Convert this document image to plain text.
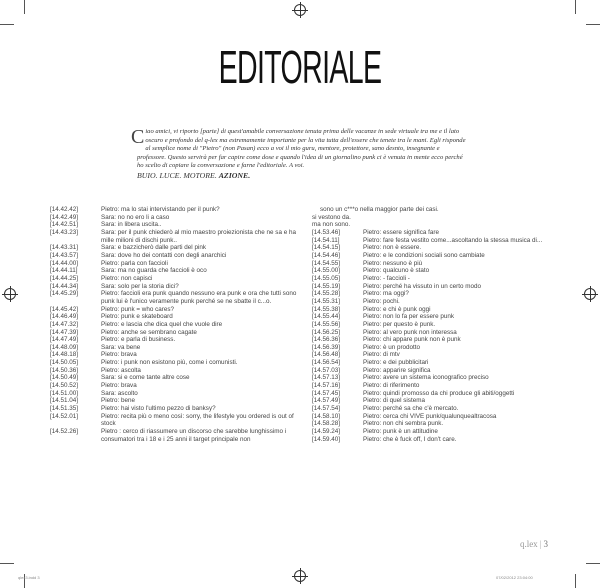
EDITORIALE
C iao amici, vi riporto [parte] di quest'amabile conversazione tenuta prima delle vacanze in sede virtuale tra me e il lato oscuro e profondo del q-lex ma estremamente importante per la vita tutta dell'essere che tenete tra le mani. Egli risponde al semplice nome di "Pietro" (non Pasan) ecco a voi il mio guru, mentore, protettore, sano desnto, insegnante e professore. Questo servirà per far capire come dose e quando l'idea di un giornalino punk ci è venuta in mente ecco perché ho scelto di copiare la conversazione e farne l'editoriale. A voi.
BUIO. LUCE. MOTORE. AZIONE.
[14.42.42]	Pietro: ma lo stai intervistando per il punk?
[14.42.49]	Sara: no no ero li a caso
[14.42.51]	Sara: in libera uscita..
[14.43.23]	Sara: per il punk chiederò al mio maestro proiezionista che ne sa e ha mille milioni di dischi punk..
[14.43.31]	Sara: e bazzicherò dalle parti del pink
[14.43.57]	Sara: dove ho dei contatti con degli anarchici
[14.44.00]	Pietro: parla con faccioli
[14.44.11]	Sara: ma no guarda che faccioli è oco
[14.44.25]	Pietro: non capisci
[14.44.34]	Sara: solo per la storia dici?
[14.45.29]	Pietro: faccioli era punk quando nessuno era punk e ora che tutti sono punk lui è l'unico veramente punk perché se ne sbatte il c...o.
[14.45.42]	Pietro: punk = who cares?
[14.46.49]	Pietro: punk e skateboard
[14.47.32]	Pietro: e lascia che dica quel che vuole dire
[14.47.39]	Pietro: anche se sembrano cagate
[14.47.49]	Pietro: e parla di business.
[14.48.09]	Sara: va bene
[14.48.18]	Pietro: brava
[14.50.05]	Pietro: i punk non esistono più, come i comunisti.
[14.50.36]	Pietro: ascolta
[14.50.49]	Sara: si e come tante altre cose
[14.50.52]	Pietro: brava
[14.51.00]	Sara: ascolto
[14.51.04]	Pietro: bene
[14.51.35]	Pietro: hai visto l'ultimo pezzo di banksy?
[14.52.01]	Pietro: recita più o meno così: sorry, the lifestyle you ordered is out of stock
[14.52.26]	Pietro : cerco di riassumere un discorso che sarebbe lunghissimo i consumatori tra i 18 e i 25 anni il target principale non
sono un c***o nella maggior parte dei casi.
si vestono da.
ma non sono.
[14.53.46]	Pietro: essere significa fare
[14.54.11]	Pietro: fare festa vestito come...ascoltando la stessa musica di...
[14.54.15]	Pietro: non è essere.
[14.54.46]	Pietro: e le condizioni sociali sono cambiate
[14.54.55]	Pietro: nessuno è più
[14.55.00]	Pietro: qualcuno è stato
[14.55.05]	Pietro: - faccioli -
[14.55.19]	Pietro: perché ha vissuto in un certo modo
[14.55.28]	Pietro: ma oggi?
[14.55.31]	Pietro: pochi.
[14.55.38]	Pietro: e chi è punk oggi
[14.55.44]	Pietro: non lo fa per essere punk
[14.55.56]	Pietro: per questo è punk.
[14.56.25]	Pietro: al vero punk non interessa
[14.56.36]	Pietro: chi appare punk non è punk
[14.56.39]	Pietro: è un prodotto
[14.56.48]	Pietro: di mtv
[14.56.54]	Pietro: e dei pubblicitari
[14.57.03]	Pietro: apparire significa
[14.57.13]	Pietro: avere un sistema iconografico preciso
[14.57.16]	Pietro: di riferimento
[14.57.45]	Pietro: quindi promosso da chi produce gli abiti/oggetti
[14.57.49]	Pietro: di quel sistema
[14.57.54]	Pietro: perché sa che c'è mercato.
[14.58.10]	Pietro: cerca chi VIVE punk/qualunquealtracosa
[14.58.28]	Pietro: non chi sembra punk.
[14.59.24]	Pietro: punk è un attitudine
[14.59.40]	Pietro: che è fuck off, I don't care.
q.lex | 3
qlex3.indd 3	07/02/2012 23:04:00
